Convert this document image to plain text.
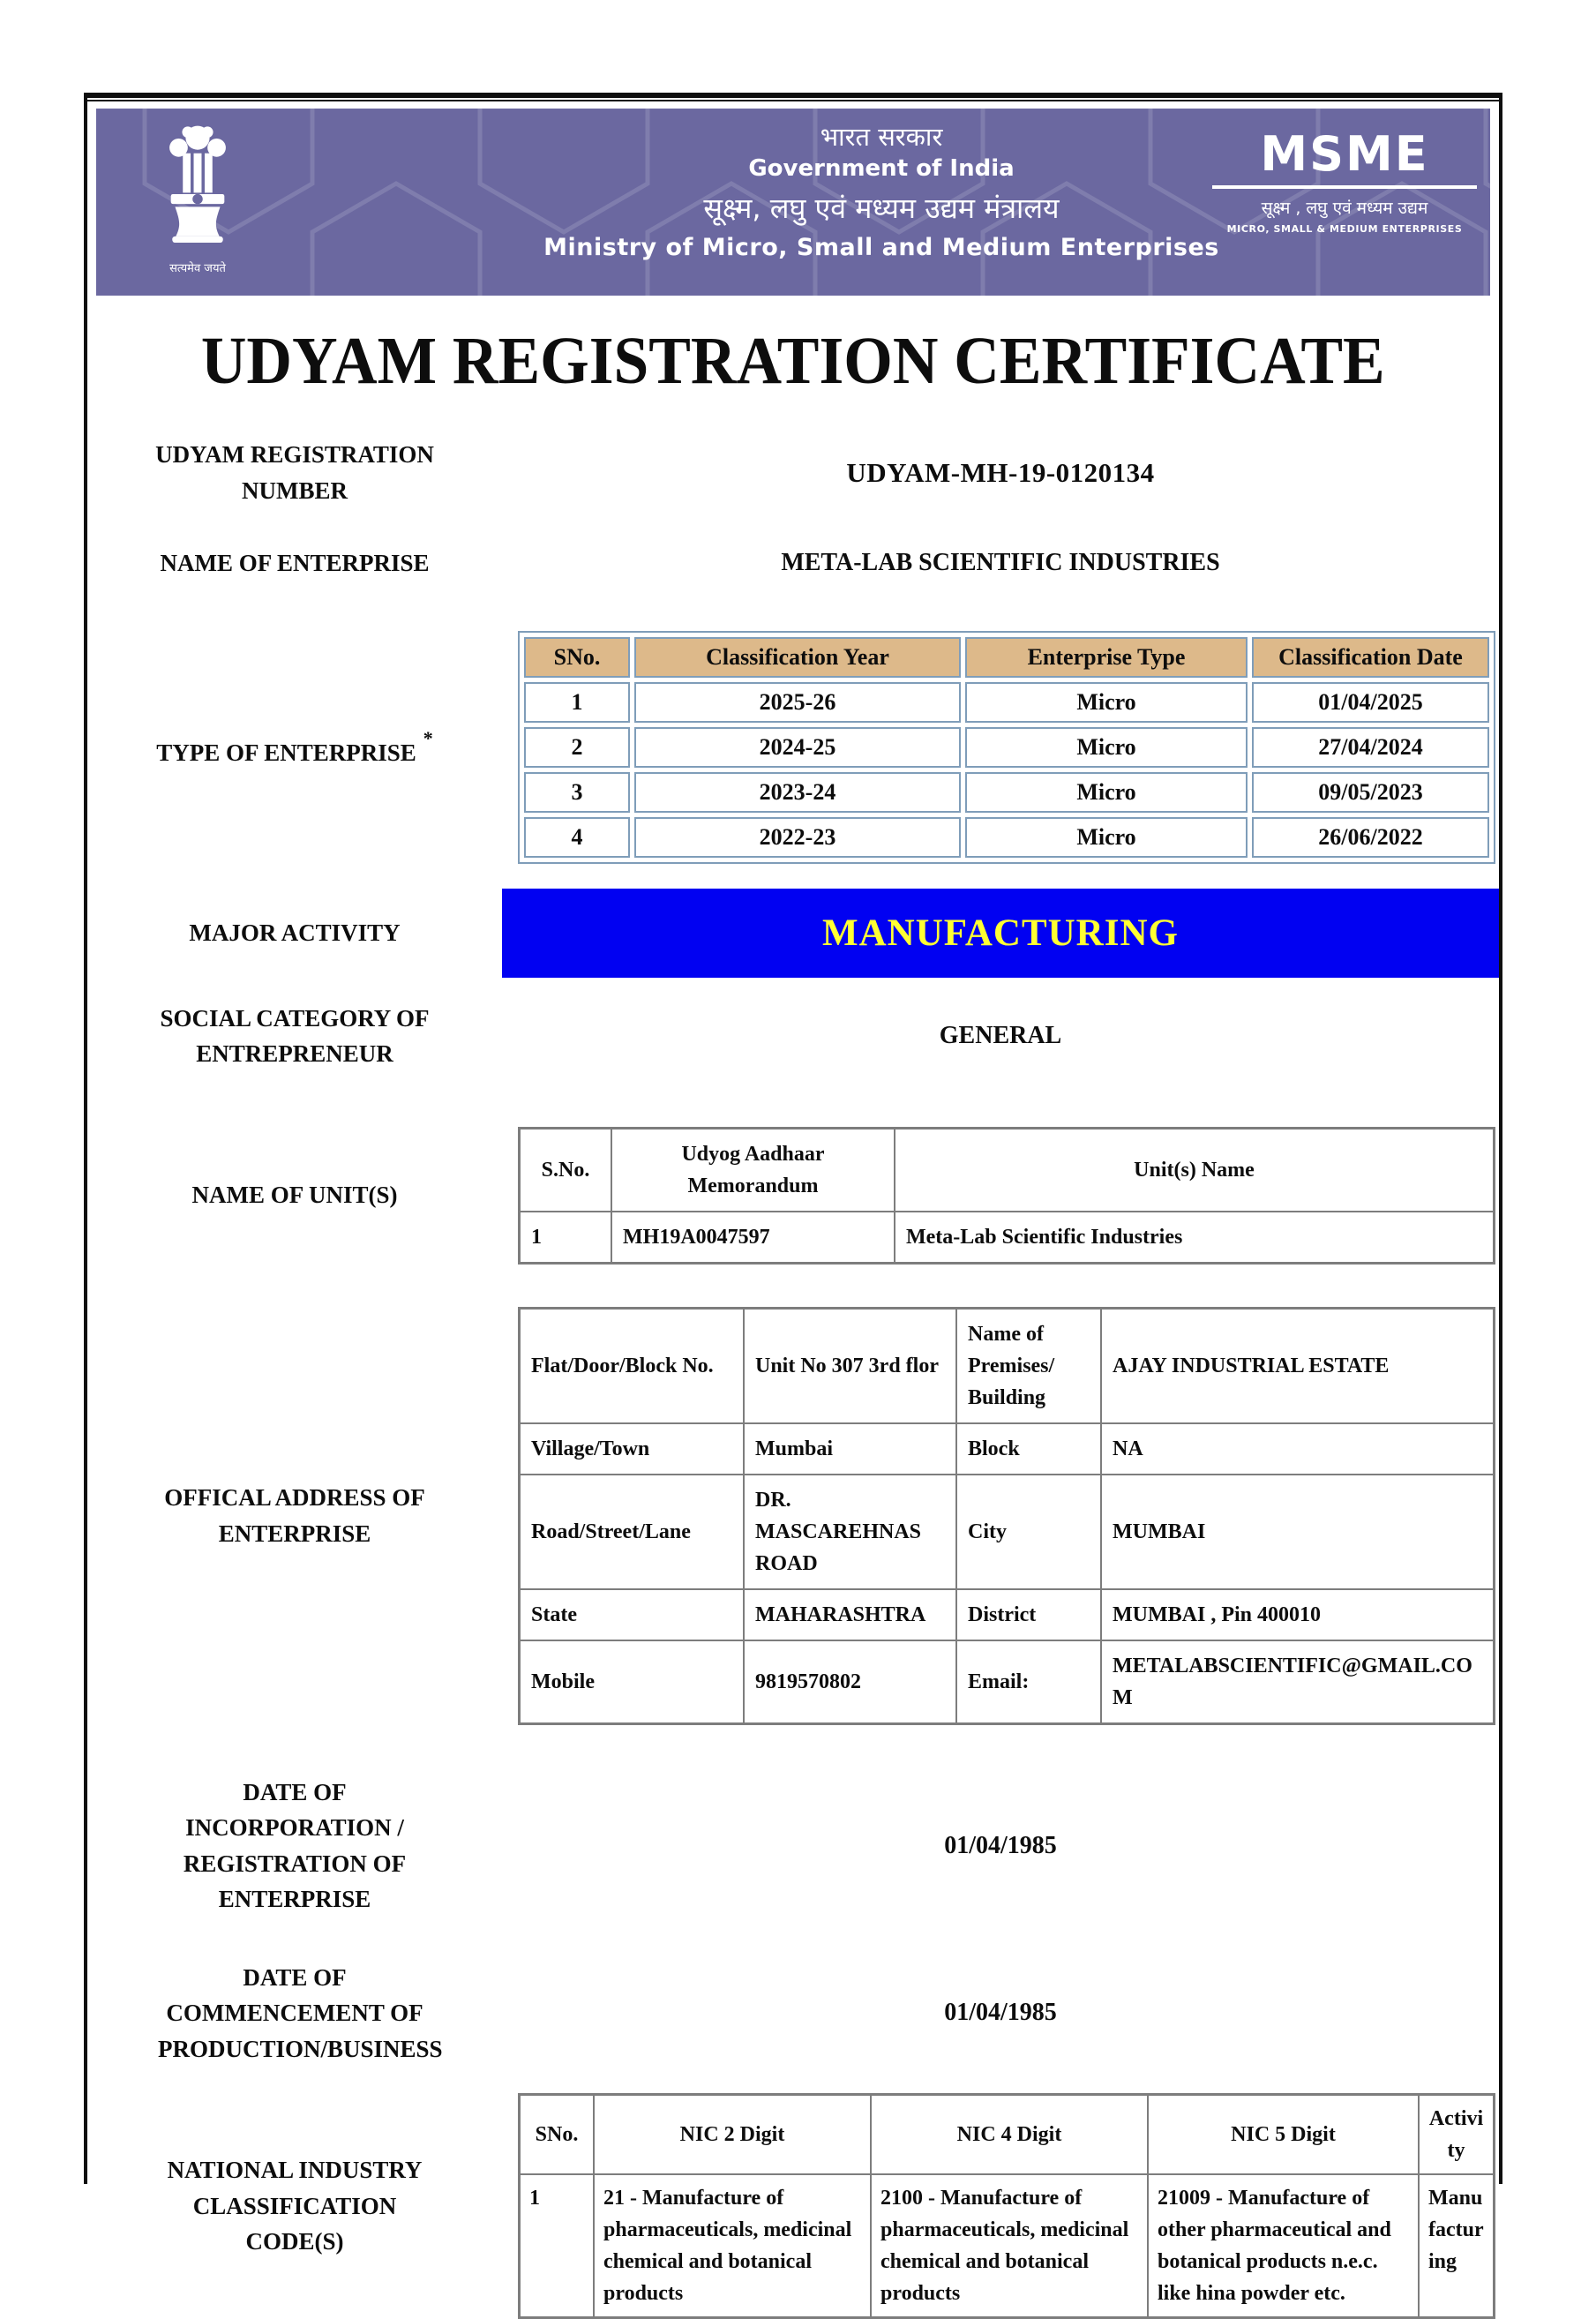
सत्यमेव जयते
भारत सरकार
Government of India
सूक्ष्म, लघु एवं मध्यम उद्यम मंत्रालय
Ministry of Micro, Small and Medium Enterprises
MSME
सूक्ष्म , लघु एवं मध्यम उद्यम
MICRO, SMALL & MEDIUM ENTERPRISES
UDYAM REGISTRATION CERTIFICATE
UDYAM REGISTRATION NUMBER
UDYAM-MH-19-0120134
NAME OF ENTERPRISE	META-LAB SCIENTIFIC INDUSTRIES
TYPE OF ENTERPRISE*
SNo.	Classification Year	Enterprise Type	Classification Date
1	2025-26	Micro	01/04/2025
2	2024-25	Micro	27/04/2024
3	2023-24	Micro	09/05/2023
4	2022-23	Micro	26/06/2022
MAJOR ACTIVITY	MANUFACTURING
SOCIAL CATEGORY OF ENTREPRENEUR
GENERAL
NAME OF UNIT(S)
S.No.	Udyog Aadhaar Memorandum	Unit(s) Name
1	MH19A0047597	Meta-Lab Scientific Industries
OFFICAL ADDRESS OF ENTERPRISE
Flat/Door/Block No.	Unit No 307 3rd flor	Name of Premises/ Building	AJAY INDUSTRIAL ESTATE
Village/Town	Mumbai	Block	NA
Road/Street/Lane	DR. MASCAREHNAS ROAD	City	MUMBAI
State	MAHARASHTRA	District	MUMBAI , Pin 400010
Mobile	9819570802	Email:	METALABSCIENTIFIC@GMAIL.COM
DATE OF INCORPORATION / REGISTRATION OF ENTERPRISE
01/04/1985
DATE OF COMMENCEMENT OF PRODUCTION/BUSINESS
01/04/1985
NATIONAL INDUSTRY CLASSIFICATION CODE(S)
SNo.	NIC 2 Digit	NIC 4 Digit	NIC 5 Digit	Activity
1	21 - Manufacture of pharmaceuticals, medicinal chemical and botanical products	2100 - Manufacture of pharmaceuticals, medicinal chemical and botanical products	21009 - Manufacture of other pharmaceutical and botanical products n.e.c. like hina powder etc.	Manufacturing
